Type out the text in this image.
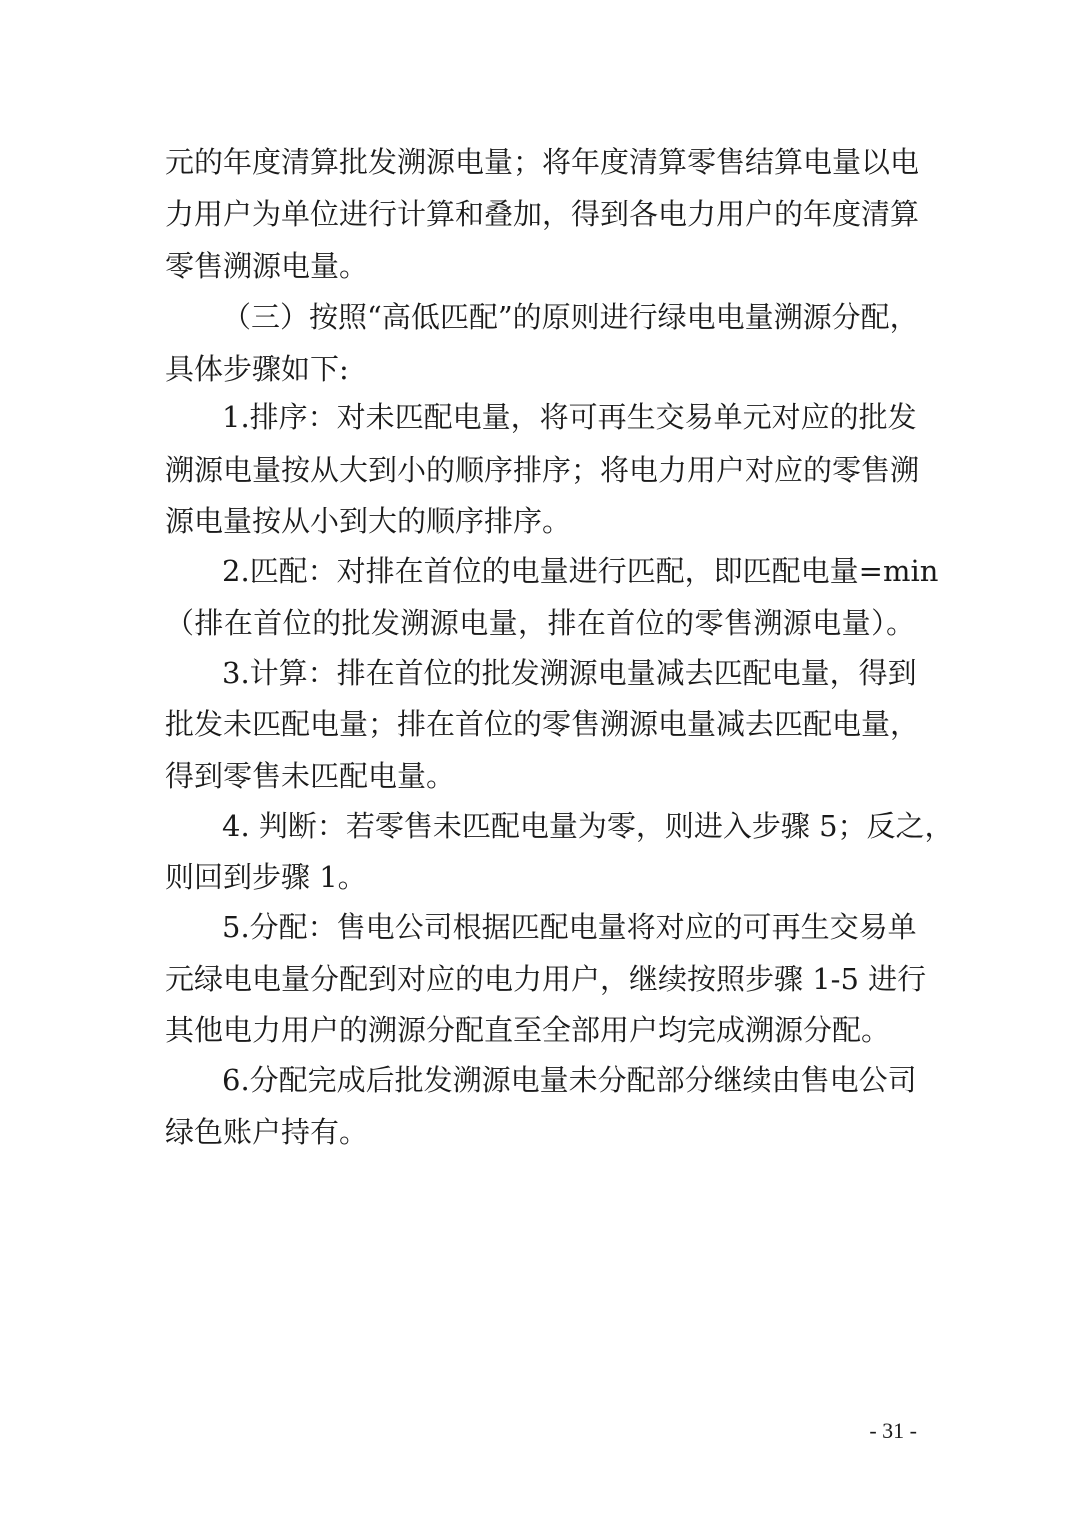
元的年度清算批发溯源电量；将年度清算零售结算电量以电
力用户为单位进行计算和叠加，得到各电力用户的年度清算
零售溯源电量。
（三）按照“高低匹配”的原则进行绿电电量溯源分配，
具体步骤如下:
1.排序：对未匹配电量，将可再生交易单元对应的批发
溯源电量按从大到小的顺序排序；将电力用户对应的零售溯
源电量按从小到大的顺序排序。
2.匹配：对排在首位的电量进行匹配，即匹配电量=min
（排在首位的批发溯源电量，排在首位的零售溯源电量）。
3.计算：排在首位的批发溯源电量减去匹配电量，得到
批发未匹配电量；排在首位的零售溯源电量减去匹配电量，
得到零售未匹配电量。
4. 判断：若零售未匹配电量为零，则进入步骤 5；反之，
则回到步骤 1。
5.分配：售电公司根据匹配电量将对应的可再生交易单
元绿电电量分配到对应的电力用户，继续按照步骤 1-5 进行
其他电力用户的溯源分配直至全部用户均完成溯源分配。
6.分配完成后批发溯源电量未分配部分继续由售电公司
绿色账户持有。
- 31 -
